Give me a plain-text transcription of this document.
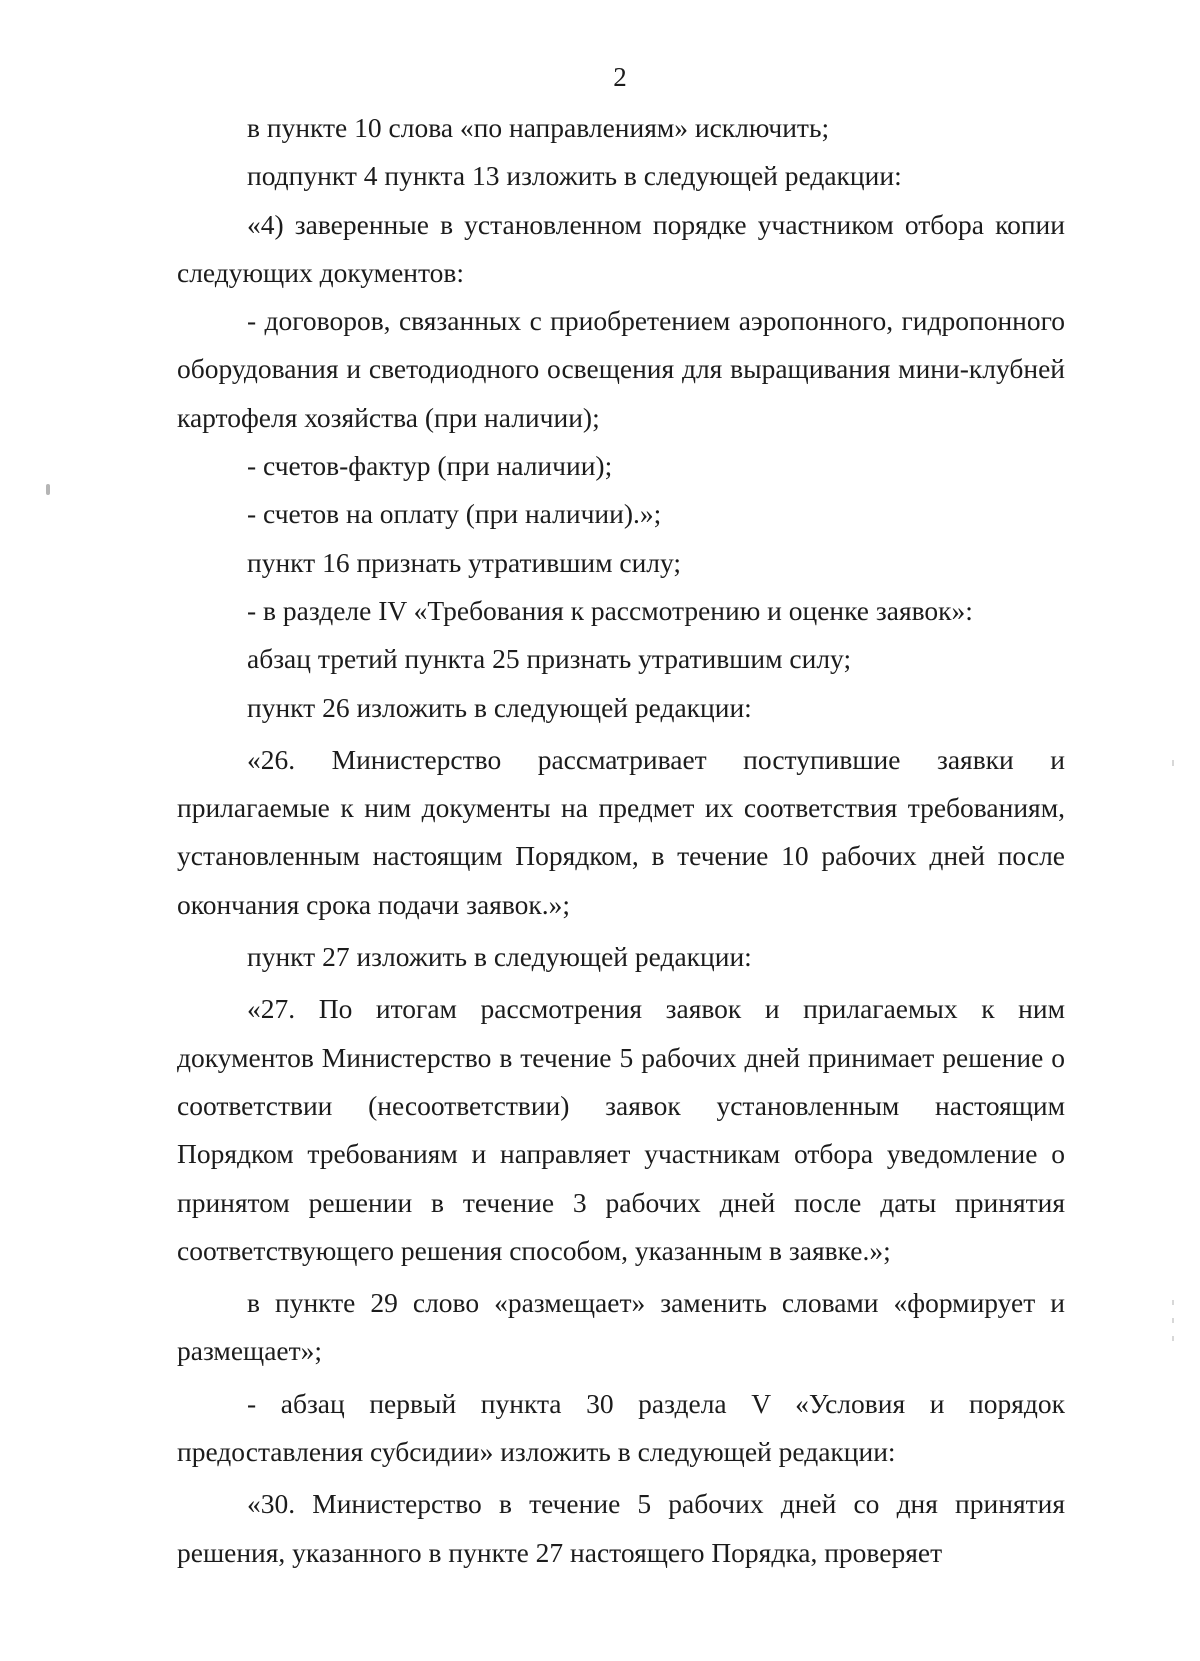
2

в пункте 10 слова «по направлениям» исключить;

подпункт 4 пункта 13 изложить в следующей редакции:

«4) заверенные в установленном порядке участником отбора копии следующих документов:

- договоров, связанных с приобретением аэропонного, гидропонного оборудования и светодиодного освещения для выращивания мини-клубней картофеля хозяйства (при наличии);

- счетов-фактур (при наличии);

- счетов на оплату (при наличии).»;

пункт 16 признать утратившим силу;

- в разделе IV «Требования к рассмотрению и оценке заявок»:

абзац третий пункта 25 признать утратившим силу;

пункт 26 изложить в следующей редакции:

«26. Министерство рассматривает поступившие заявки и прилагаемые к ним документы на предмет их соответствия требованиям, установленным настоящим Порядком, в течение 10 рабочих дней после окончания срока подачи заявок.»;

пункт 27 изложить в следующей редакции:

«27. По итогам рассмотрения заявок и прилагаемых к ним документов Министерство в течение 5 рабочих дней принимает решение о соответствии (несоответствии) заявок установленным настоящим Порядком требованиям и направляет участникам отбора уведомление о принятом решении в течение 3 рабочих дней после даты принятия соответствующего решения способом, указанным в заявке.»;

в пункте 29 слово «размещает» заменить словами «формирует и размещает»;

- абзац первый пункта 30 раздела V «Условия и порядок предоставления субсидии» изложить в следующей редакции:

«30. Министерство в течение 5 рабочих дней со дня принятия решения, указанного в пункте 27 настоящего Порядка, проверяет
